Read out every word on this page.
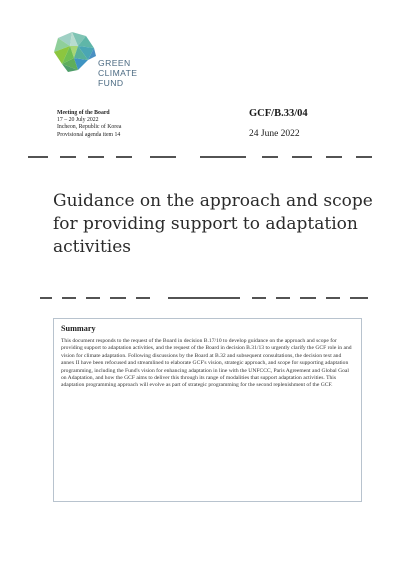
GREEN
CLIMATE
FUND
Meeting of the Board
17 – 20 July 2022
Incheon, Republic of Korea
Provisional agenda item 14
GCF/B.33/04
24 June 2022
Guidance on the approach and scope
for providing support to adaptation
activities
Summary
This document responds to the request of the Board in decision B.17/10 to develop guidance on the approach and scope for providing support to adaptation activities, and the request of the Board in decision B.31/13 to urgently clarify the GCF role in and vision for climate adaptation. Following discussions by the Board at B.32 and subsequent consultations, the decision text and annex II have been refocused and streamlined to elaborate GCF's vision, strategic approach, and scope for supporting adaptation programming, including the Fund's vision for enhancing adaptation in line with the UNFCCC, Paris Agreement and Global Goal on Adaptation, and how the GCF aims to deliver this through its range of modalities that support adaptation activities. This adaptation programming approach will evolve as part of strategic programming for the second replenishment of the GCF.
